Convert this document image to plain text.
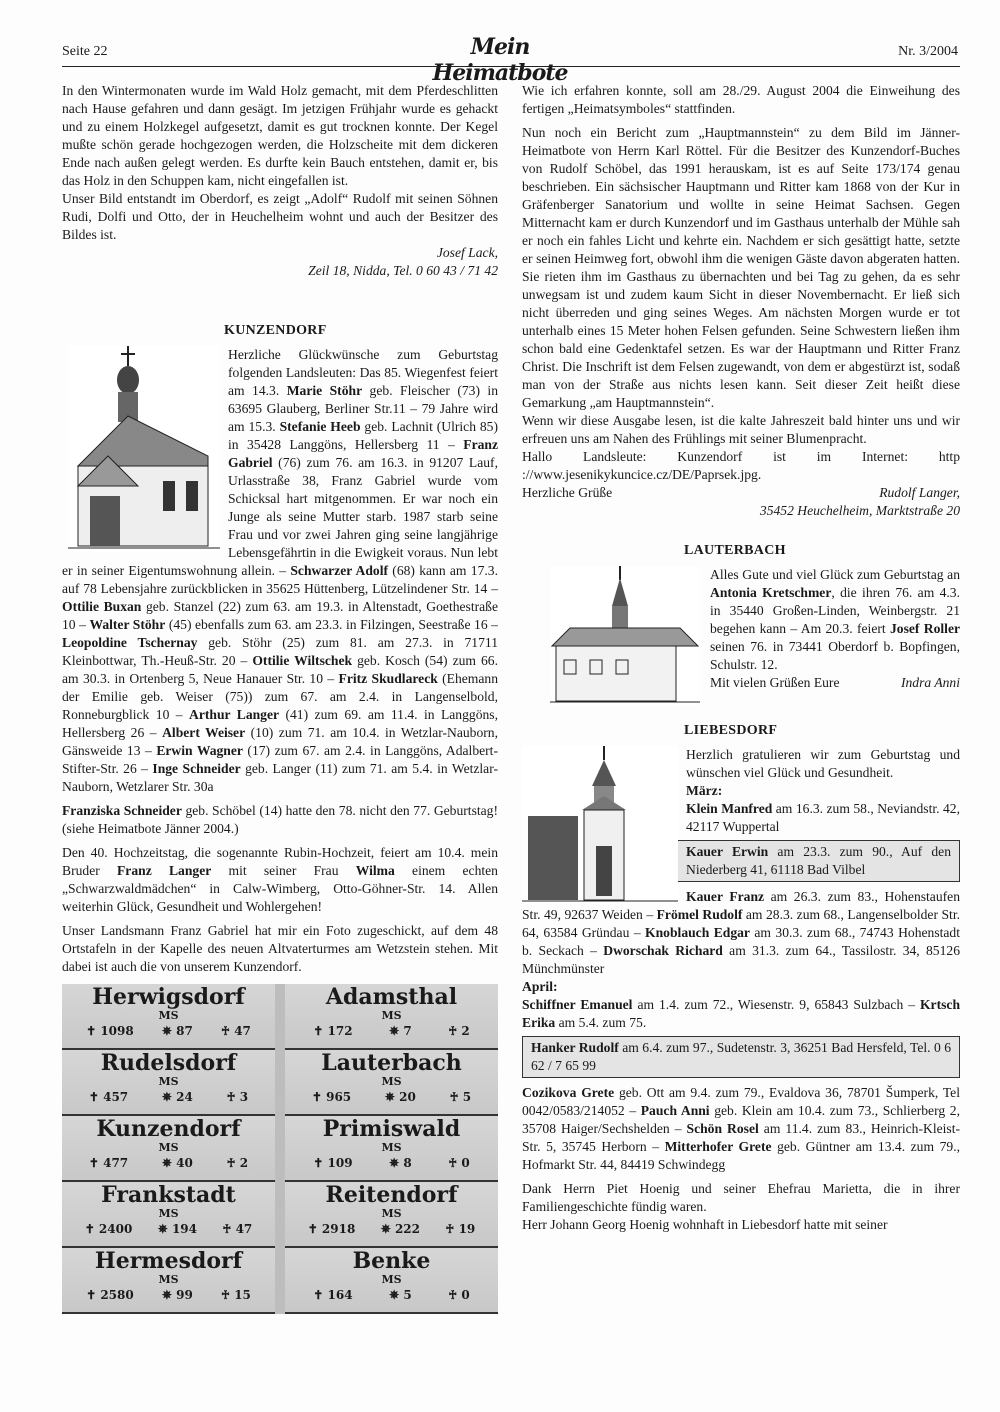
Seite 22	Mein Heimatbote
Nr. 3/2004

In den Wintermonaten wurde im Wald Holz gemacht, mit dem Pferdeschlitten nach Hause gefahren und dann gesägt. Im jetzigen Frühjahr wurde es gehackt und zu einem Holzkegel aufgesetzt, damit es gut trocknen konnte. Der Kegel mußte schön gerade hochgezogen werden, die Holzscheite mit dem dickeren Ende nach außen gelegt werden. Es durfte kein Bauch entstehen, damit er, bis das Holz in den Schuppen kam, nicht eingefallen ist.

Unser Bild entstandt im Oberdorf, es zeigt „Adolf“ Rudolf mit seinen Söhnen Rudi, Dolfi und Otto, der in Heuchelheim wohnt und auch der Besitzer des Bildes ist.

Josef Lack,

Zeil 18, Nidda, Tel. 0 60 43 / 71 42

KUNZENDORF

Herzliche Glückwünsche zum Geburtstag folgenden Landsleuten: Das 85. Wiegenfest feiert am 14.3. Marie Stöhr geb. Fleischer (73) in 63695 Glauberg, Berliner Str.11 – 79 Jahre wird am 15.3. Stefanie Heeb geb. Lachnit (Ulrich 85) in 35428 Langgöns, Hellersberg 11 – Franz Gabriel (76) zum 76. am 16.3. in 91207 Lauf, Urlasstraße 38, Franz Gabriel wurde vom Schicksal hart mitgenommen. Er war noch ein Junge als seine Mutter starb. 1987 starb seine Frau und vor zwei Jahren ging seine langjährige Lebensgefährtin in die Ewigkeit voraus. Nun lebt er in seiner Eigentumswohnung allein. – Schwarzer Adolf (68) kann am 17.3. auf 78 Lebensjahre zurückblicken in 35625 Hüttenberg, Lützelindener Str. 14 – Ottilie Buxan geb. Stanzel (22) zum 63. am 19.3. in Altenstadt, Goethestraße 10 – Walter Stöhr (45) ebenfalls zum 63. am 23.3. in Filzingen, Seestraße 16 – Leopoldine Tschernay geb. Stöhr (25) zum 81. am 27.3. in 71711 Kleinbottwar, Th.-Heuß-Str. 20 – Ottilie Wiltschek geb. Kosch (54) zum 66. am 30.3. in Ortenberg 5, Neue Hanauer Str. 10 – Fritz Skudlareck (Ehemann der Emilie geb. Weiser (75)) zum 67. am 2.4. in Langenselbold, Ronneburgblick 10 – Arthur Langer (41) zum 69. am 11.4. in Langgöns, Hellersberg 26 – Albert Weiser (10) zum 71. am 10.4. in Wetzlar-Nauborn, Gänsweide 13 – Erwin Wagner (17) zum 67. am 2.4. in Langgöns, Adalbert-Stifter-Str. 26 – Inge Schneider geb. Langer (11) zum 71. am 5.4. in Wetzlar-Nauborn, Wetzlarer Str. 30a

Franziska Schneider geb. Schöbel (14) hatte den 78. nicht den 77. Geburtstag! (siehe Heimatbote Jänner 2004.)

Den 40. Hochzeitstag, die sogenannte Rubin-Hochzeit, feiert am 10.4. mein Bruder Franz Langer mit seiner Frau Wilma einem echten „Schwarzwaldmädchen“ in Calw-Wimberg, Otto-Göhner-Str. 14. Allen weiterhin Glück, Gesundheit und Wohlergehen!

Unser Landsmann Franz Gabriel hat mir ein Foto zugeschickt, auf dem 48 Ortstafeln in der Kapelle des neuen Altvaterturmes am Wetzstein stehen. Mit dabei ist auch die von unserem Kunzendorf.

Herwigsdorf
MS
✝ 1098 ✵ 87 ♰ 47
Rudelsdorf
MS
✝ 457	✵ 24	♰ 3
Kunzendorf
MS
✝ 477	✵ 40	♰ 2
Frankstadt
MS
✝ 2400 ✵ 194 ♰ 47
Hermesdorf
MS
✝ 2580 ✵ 99 ♰ 15
Adamsthal
MS
✝ 172	✵ 7	♰ 2
Lauterbach
MS
✝ 965	✵ 20	♰ 5
Primiswald
MS
✝ 109	✵ 8	♰ 0
Reitendorf
MS
✝ 2918 ✵ 222 ♰ 19
Benke
MS
✝ 164	✵ 5	♰ 0

Wie ich erfahren konnte, soll am 28./29. August 2004 die Einweihung des fertigen „Heimatsymboles“ stattfinden.

Nun noch ein Bericht zum „Hauptmannstein“ zu dem Bild im Jänner-Heimatbote von Herrn Karl Röttel. Für die Besitzer des Kunzendorf-Buches von Rudolf Schöbel, das 1991 herauskam, ist es auf Seite 173/174 genau beschrieben. Ein sächsischer Hauptmann und Ritter kam 1868 von der Kur in Gräfenberger Sanatorium und wollte in seine Heimat Sachsen. Gegen Mitternacht kam er durch Kunzendorf und im Gasthaus unterhalb der Mühle sah er noch ein fahles Licht und kehrte ein. Nachdem er sich gesättigt hatte, setzte er seinen Heimweg fort, obwohl ihm die wenigen Gäste davon abgeraten hatten. Sie rieten ihm im Gasthaus zu übernachten und bei Tag zu gehen, da es sehr unwegsam ist und zudem kaum Sicht in dieser Novembernacht. Er ließ sich nicht überreden und ging seines Weges. Am nächsten Morgen wurde er tot unterhalb eines 15 Meter hohen Felsen gefunden. Seine Schwestern ließen ihm schon bald eine Gedenktafel setzen. Es war der Hauptmann und Ritter Franz Christ. Die Inschrift ist dem Felsen zugewandt, von dem er abgestürzt ist, sodaß man von der Straße aus nichts lesen kann. Seit dieser Zeit heißt diese Gemarkung „am Hauptmannstein“.

Wenn wir diese Ausgabe lesen, ist die kalte Jahreszeit bald hinter uns und wir erfreuen uns am Nahen des Frühlings mit seiner Blumenpracht.

Hallo Landsleute: Kunzendorf ist im Internet: http ://www.jesenikykuncice.cz/DE/Paprsek.jpg.

Herzliche Grüße	Rudolf Langer,

35452 Heuchelheim, Marktstraße 20

LAUTERBACH

Alles Gute und viel Glück zum Geburtstag an Antonia Kretschmer, die ihren 76. am 4.3. in 35440 Großen-Linden, Weinbergstr. 21 begehen kann – Am 20.3. feiert Josef Roller seinen 76. in 73441 Oberdorf b. Bopfingen, Schulstr. 12.

Mit vielen Grüßen Eure	Indra Anni

LIEBESDORF

Herzlich gratulieren wir zum Geburtstag und wünschen viel Glück und Gesundheit.

März:

Klein Manfred am 16.3. zum 58., Neviandstr. 42, 42117 Wuppertal

Kauer Erwin am 23.3. zum 90., Auf den Niederberg 41, 61118 Bad Vilbel

Kauer Franz am 26.3. zum 83., Hohenstaufen Str. 49, 92637 Weiden – Frömel Rudolf am 28.3. zum 68., Langenselbolder Str. 64, 63584 Gründau – Knoblauch Edgar am 30.3. zum 68., 74743 Hohenstadt b. Seckach – Dworschak Richard am 31.3. zum 64., Tassilostr. 34, 85126 Münchmünster

April:

Schiffner Emanuel am 1.4. zum 72., Wiesenstr. 9, 65843 Sulzbach – Krtsch Erika am 5.4. zum 75.

Hanker Rudolf am 6.4. zum 97., Sudetenstr. 3, 36251 Bad Hersfeld, Tel. 0 6 62 / 7 65 99

Cozikova Grete geb. Ott am 9.4. zum 79., Evaldova 36, 78701 Šumperk, Tel 0042/0583/214052 – Pauch Anni geb. Klein am 10.4. zum 73., Schlierberg 2, 35708 Haiger/Sechshelden – Schön Rosel am 11.4. zum 83., Heinrich-Kleist-Str. 5, 35745 Herborn – Mitterhofer Grete geb. Güntner am 13.4. zum 79., Hofmarkt Str. 44, 84419 Schwindegg

Dank Herrn Piet Hoenig und seiner Ehefrau Marietta, die in ihrer Familiengeschichte fündig waren.

Herr Johann Georg Hoenig wohnhaft in Liebesdorf hatte mit seiner
